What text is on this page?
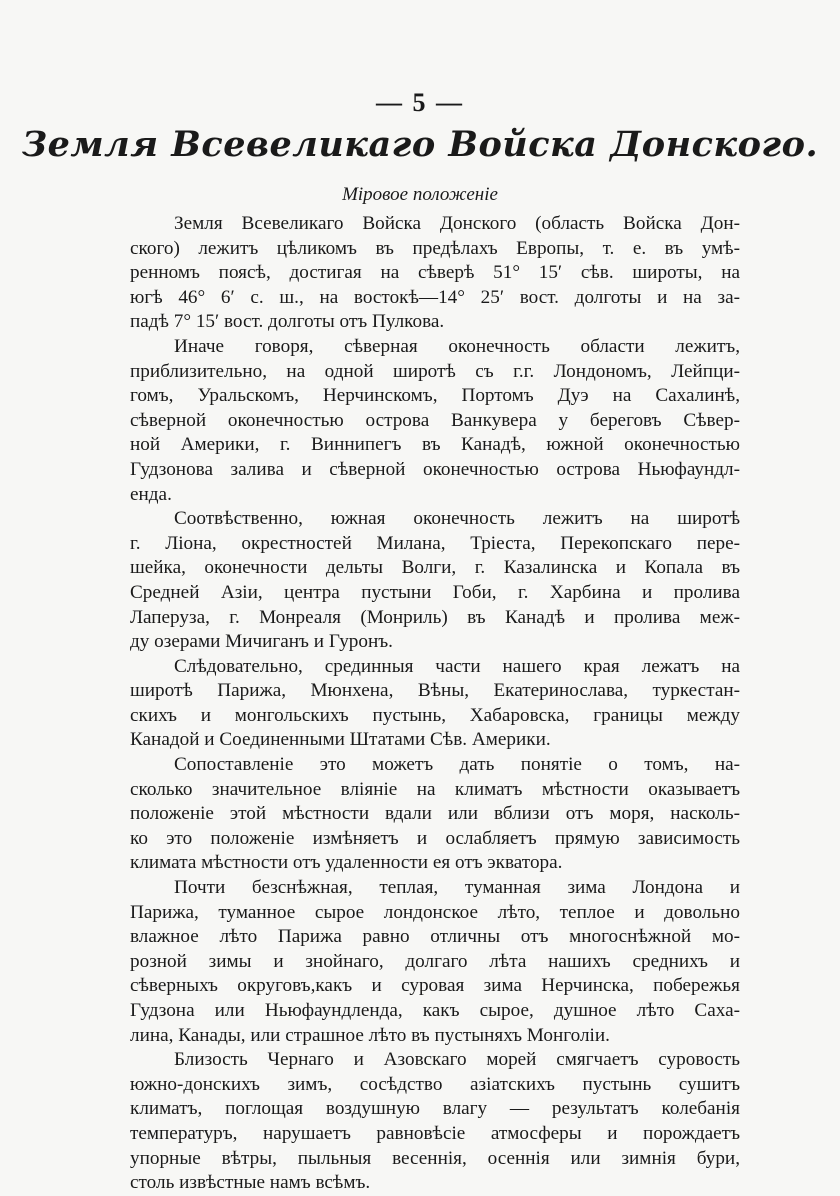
— 5 —
Земля Всевеликаго Войска Донского.
Міровое положеніе
Земля Всевеликаго Войска Донского (область Войска Дон-
ского) лежитъ цѣликомъ въ предѣлахъ Европы, т. е. въ умѣ-
ренномъ поясѣ, достигая на сѣверѣ 51° 15′ сѣв. широты, на
югѣ 46° 6′ с. ш., на востокѣ—14° 25′ вост. долготы и на за-
падѣ 7° 15′ вост. долготы отъ Пулкова.
Иначе говоря, сѣверная оконечность области лежитъ,
приблизительно, на одной широтѣ съ г.г. Лондономъ, Лейпци-
гомъ, Уральскомъ, Нерчинскомъ, Портомъ Дуэ на Сахалинѣ,
сѣверной оконечностью острова Ванкувера у береговъ Сѣвер-
ной Америки, г. Виннипегъ въ Канадѣ, южной оконечностью
Гудзонова залива и сѣверной оконечностью острова Ньюфаундл-
енда.
Соотвѣственно, южная оконечность лежитъ на широтѣ
г. Ліона, окрестностей Милана, Тріеста, Перекопскаго пере-
шейка, оконечности дельты Волги, г. Казалинска и Копала въ
Средней Азіи, центра пустыни Гоби, г. Харбина и пролива
Лаперуза, г. Монреаля (Монриль) въ Канадѣ и пролива меж-
ду озерами Мичиганъ и Гуронъ.
Слѣдовательно, срединныя части нашего края лежатъ на
широтѣ Парижа, Мюнхена, Вѣны, Екатеринослава, туркестан-
скихъ и монгольскихъ пустынь, Хабаровска, границы между
Канадой и Соединенными Штатами Сѣв. Америки.
Сопоставленіе это можетъ дать понятіе о томъ, на-
сколько значительное вліяніе на климатъ мѣстности оказываетъ
положеніе этой мѣстности вдали или вблизи отъ моря, насколь-
ко это положеніе измѣняетъ и ослабляетъ прямую зависимость
климата мѣстности отъ удаленности ея отъ экватора.
Почти безснѣжная, теплая, туманная зима Лондона и
Парижа, туманное сырое лондонское лѣто, теплое и довольно
влажное лѣто Парижа равно отличны отъ многоснѣжной мо-
розной зимы и знойнаго, долгаго лѣта нашихъ среднихъ и
сѣверныхъ округовъ,какъ и суровая зима Нерчинска, побережья
Гудзона или Ньюфаундленда, какъ сырое, душное лѣто Саха-
лина, Канады, или страшное лѣто въ пустыняхъ Монголіи.
Близость Чернаго и Азовскаго морей смягчаетъ суровость
южно-донскихъ зимъ, сосѣдство азіатскихъ пустынь сушитъ
климатъ, поглощая воздушную влагу — результатъ колебанія
температуръ, нарушаетъ равновѣсіе атмосферы и порождаетъ
упорные вѣтры, пыльныя весеннія, осеннія или зимнія бури,
столь извѣстные намъ всѣмъ.
